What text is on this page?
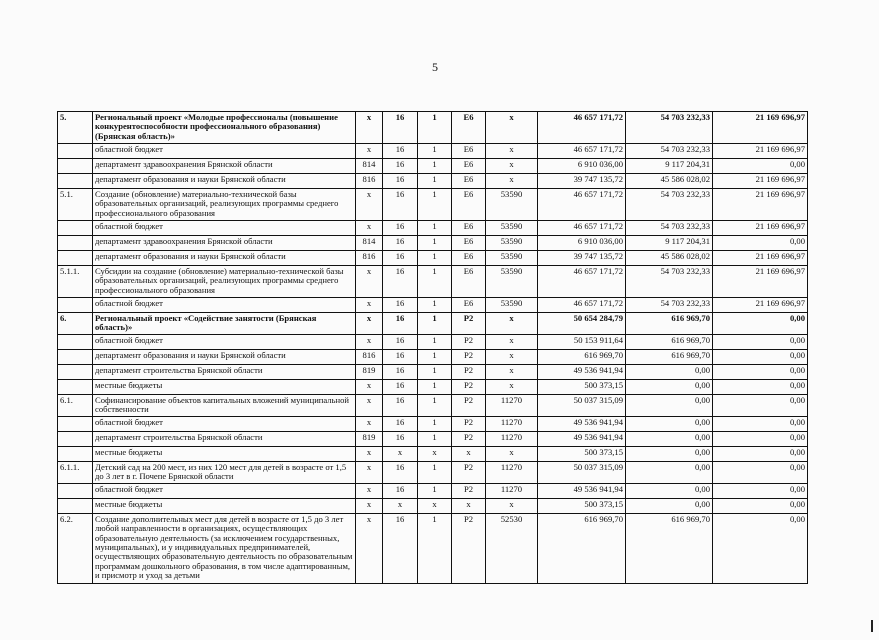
5
5.	Региональный проект «Молодые профессионалы (повышение конкурентоспособности профессионального образования) (Брянская область)»	х	16	1	Е6	х	46 657 171,72	54 703 232,33	21 169 696,97
	областной бюджет	х	16	1	Е6	х	46 657 171,72	54 703 232,33	21 169 696,97
	департамент здравоохранения Брянской области	814	16	1	Е6	х	6 910 036,00	9 117 204,31	0,00
	департамент образования и науки Брянской области	816	16	1	Е6	х	39 747 135,72	45 586 028,02	21 169 696,97
5.1.	Создание (обновление) материально-технической базы образовательных организаций, реализующих программы среднего профессионального образования	х	16	1	Е6	53590	46 657 171,72	54 703 232,33	21 169 696,97
	областной бюджет	х	16	1	Е6	53590	46 657 171,72	54 703 232,33	21 169 696,97
	департамент здравоохранения Брянской области	814	16	1	Е6	53590	6 910 036,00	9 117 204,31	0,00
	департамент образования и науки Брянской области	816	16	1	Е6	53590	39 747 135,72	45 586 028,02	21 169 696,97
5.1.1.	Субсидии на создание (обновление) материально-технической базы образовательных организаций, реализующих программы среднего профессионального образования	х	16	1	Е6	53590	46 657 171,72	54 703 232,33	21 169 696,97
	областной бюджет	х	16	1	Е6	53590	46 657 171,72	54 703 232,33	21 169 696,97
6.	Региональный проект «Содействие занятости (Брянская область)»	х	16	1	Р2	х	50 654 284,79	616 969,70	0,00
	областной бюджет	х	16	1	Р2	х	50 153 911,64	616 969,70	0,00
	департамент образования и науки Брянской области	816	16	1	Р2	х	616 969,70	616 969,70	0,00
	департамент строительства Брянской области	819	16	1	Р2	х	49 536 941,94	0,00	0,00
	местные бюджеты	х	16	1	Р2	х	500 373,15	0,00	0,00
6.1.	Софинансирование объектов капитальных вложений муниципальной собственности	х	16	1	Р2	11270	50 037 315,09	0,00	0,00
	областной бюджет	х	16	1	Р2	11270	49 536 941,94	0,00	0,00
	департамент строительства Брянской области	819	16	1	Р2	11270	49 536 941,94	0,00	0,00
	местные бюджеты	х	х	х	х	х	500 373,15	0,00	0,00
6.1.1.	Детский сад на 200 мест, из них 120 мест для детей в возрасте от 1,5 до 3 лет в г. Почепе Брянской области	х	16	1	Р2	11270	50 037 315,09	0,00	0,00
	областной бюджет	х	16	1	Р2	11270	49 536 941,94	0,00	0,00
	местные бюджеты	х	х	х	х	х	500 373,15	0,00	0,00
6.2.	Создание дополнительных мест для детей в возрасте от 1,5 до 3 лет любой направленности в организациях, осуществляющих образовательную деятельность (за исключением государственных, муниципальных), и у индивидуальных предпринимателей, осуществляющих образовательную деятельность по образовательным программам дошкольного образования, в том числе адаптированным, и присмотр и уход за детьми	х	16	1	Р2	52530	616 969,70	616 969,70	0,00
